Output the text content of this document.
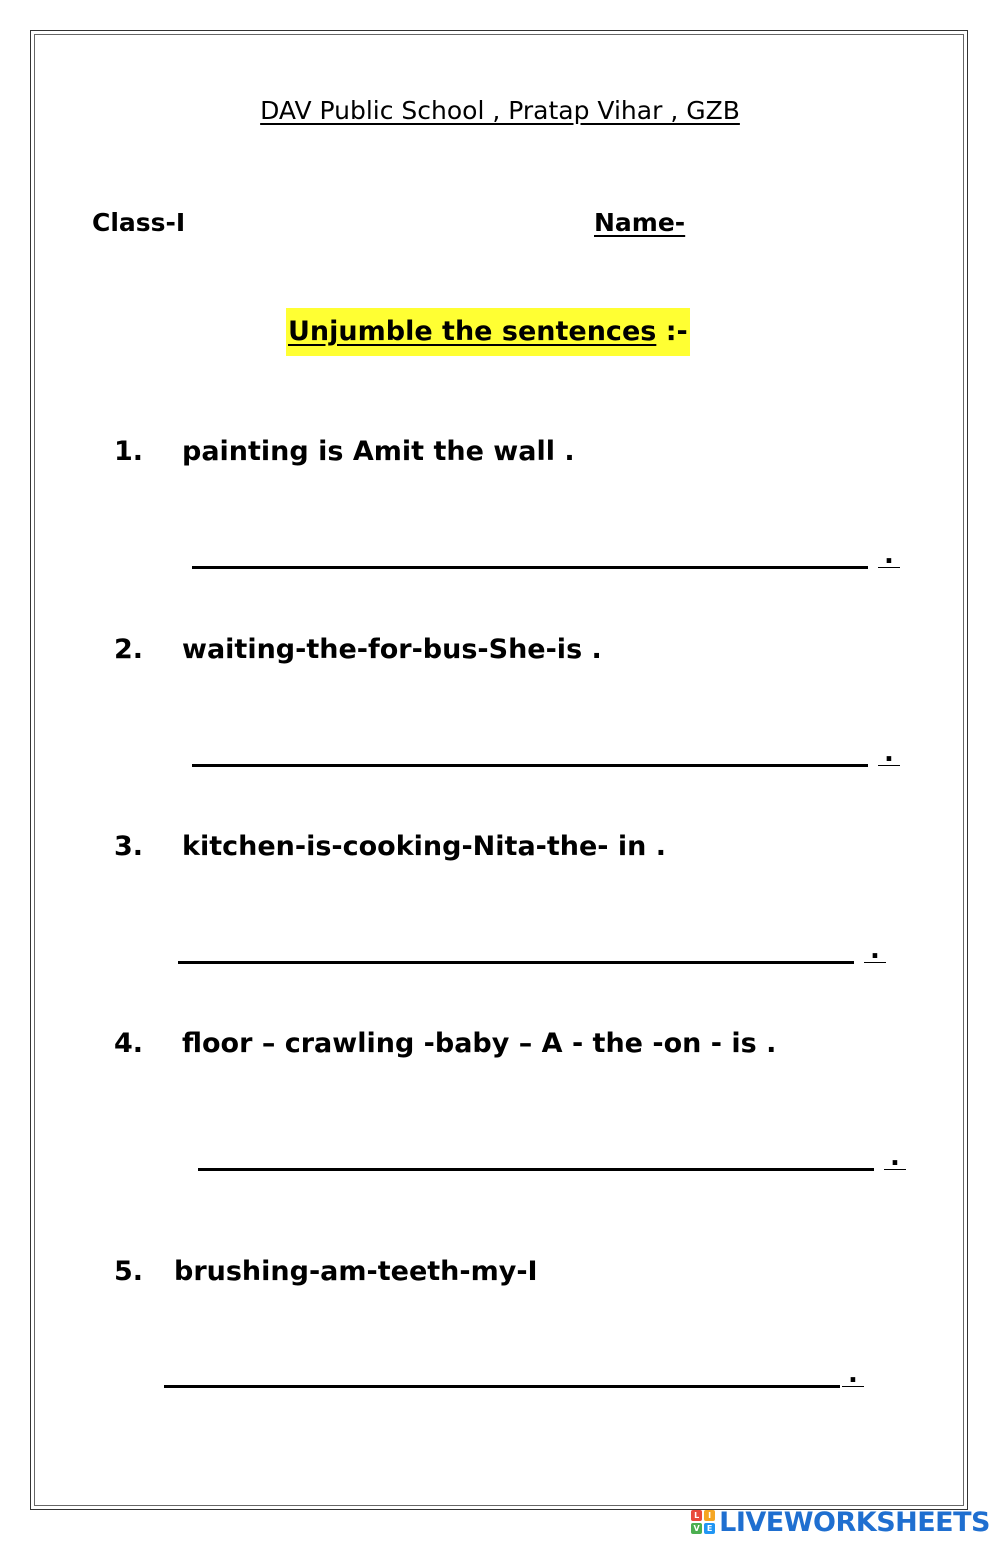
DAV Public School , Pratap Vihar , GZB
Class-I	Name-
Unjumble the sentences :-
1. painting is Amit the wall .
.
2. waiting-the-for-bus-She-is .
.
3. kitchen-is-cooking-Nita-the- in .
.
4. floor – crawling -baby – A - the -on - is .
.
5. brushing-am-teeth-my-I
.
L	I
V E LIVEWORKSHEETS
